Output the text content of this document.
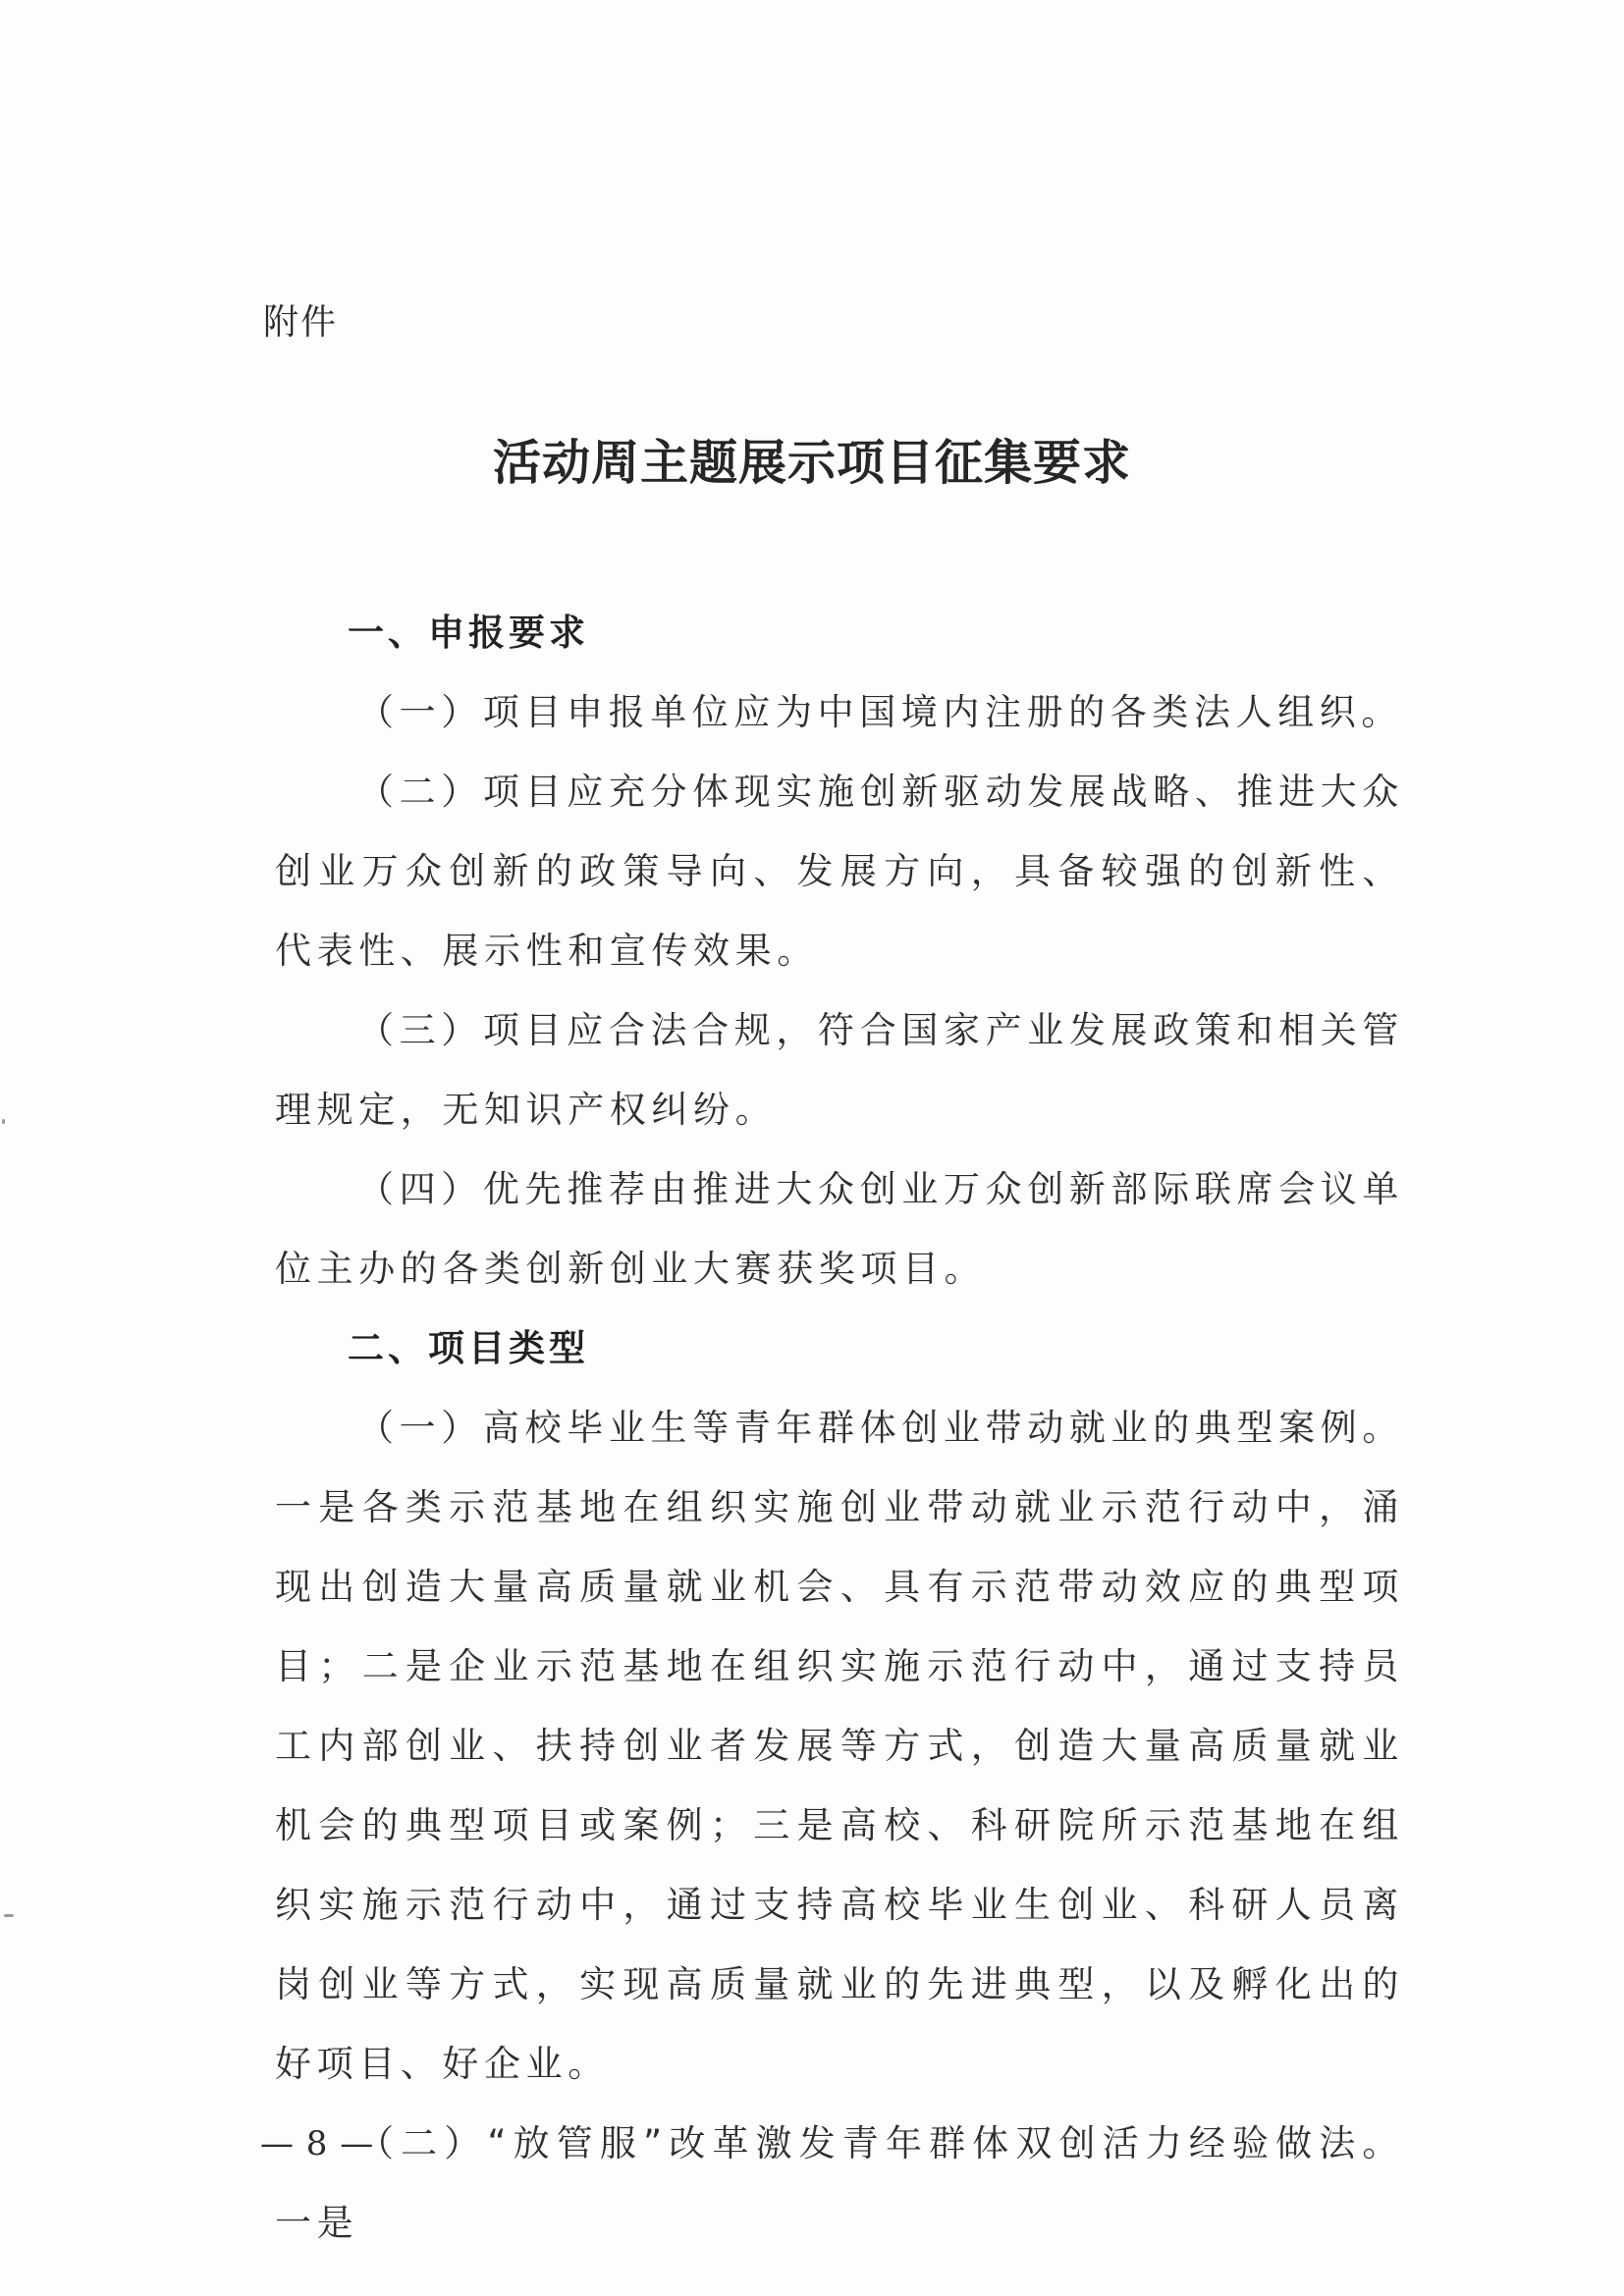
附件
活动周主题展示项目征集要求

一、申报要求

（一）项目申报单位应为中国境内注册的各类法人组织。

（二）项目应充分体现实施创新驱动发展战略、推进大众创业万众创新的政策导向、发展方向，具备较强的创新性、代表性、展示性和宣传效果。

（三）项目应合法合规，符合国家产业发展政策和相关管理规定，无知识产权纠纷。

（四）优先推荐由推进大众创业万众创新部际联席会议单位主办的各类创新创业大赛获奖项目。

二、项目类型

（一）高校毕业生等青年群体创业带动就业的典型案例。一是各类示范基地在组织实施创业带动就业示范行动中，涌现出创造大量高质量就业机会、具有示范带动效应的典型项目；二是企业示范基地在组织实施示范行动中，通过支持员工内部创业、扶持创业者发展等方式，创造大量高质量就业机会的典型项目或案例；三是高校、科研院所示范基地在组织实施示范行动中，通过支持高校毕业生创业、科研人员离岗创业等方式，实现高质量就业的先进典型，以及孵化出的好项目、好企业。

（二）“放管服”改革激发青年群体双创活力经验做法。一是

— 8 —
